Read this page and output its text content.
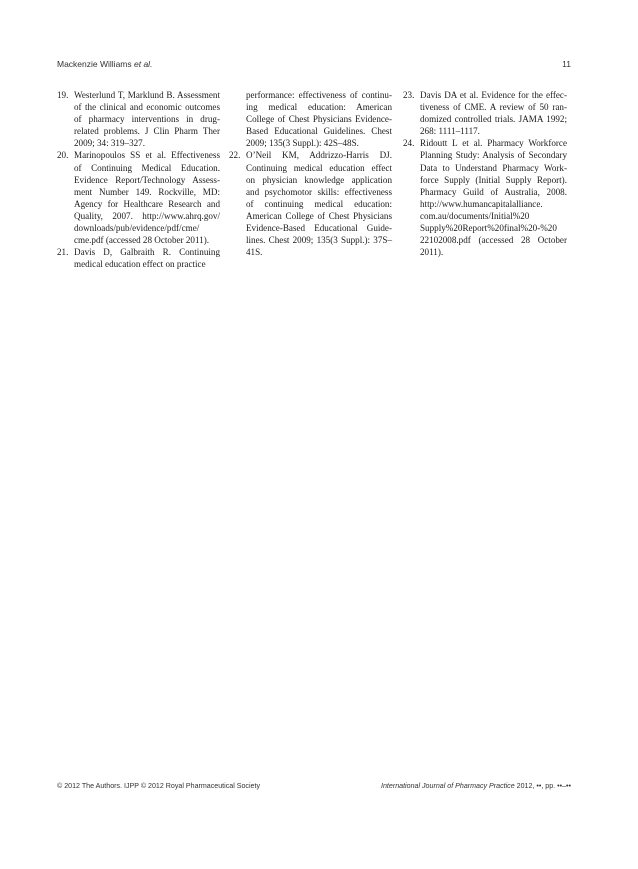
Mackenzie Williams et al.	11
19. Westerlund T, Marklund B. Assessment
of the clinical and economic outcomes
of pharmacy interventions in drug-
related problems. J Clin Pharm Ther
2009; 34: 319–327.
20. Marinopoulos SS et al. Effectiveness
of Continuing Medical Education.
Evidence Report/Technology Assess-
ment Number 149. Rockville, MD:
Agency for Healthcare Research and
Quality, 2007. http://www.ahrq.gov/
downloads/pub/evidence/pdf/cme/
cme.pdf (accessed 28 October 2011).
21. Davis D, Galbraith R. Continuing
medical education effect on practice
performance: effectiveness of continu-
ing medical education: American
College of Chest Physicians Evidence-
Based Educational Guidelines. Chest
2009; 135(3 Suppl.): 42S–48S.
22. O’Neil KM, Addrizzo-Harris DJ.
Continuing medical education effect
on physician knowledge application
and psychomotor skills: effectiveness
of continuing medical education:
American College of Chest Physicians
Evidence-Based Educational Guide-
lines. Chest 2009; 135(3 Suppl.): 37S–
41S.
23. Davis DA et al. Evidence for the effec-
tiveness of CME. A review of 50 ran-
domized controlled trials. JAMA 1992;
268: 1111–1117.
24. Ridoutt L et al. Pharmacy Workforce
Planning Study: Analysis of Secondary
Data to Understand Pharmacy Work-
force Supply (Initial Supply Report).
Pharmacy Guild of Australia, 2008.
http://www.humancapitalalliance.
com.au/documents/Initial%20
Supply%20Report%20final%20-%20
22102008.pdf (accessed 28 October
2011).
© 2012 The Authors. IJPP © 2012 Royal Pharmaceutical Society	International Journal of Pharmacy Practice 2012, ••, pp. ••–••
